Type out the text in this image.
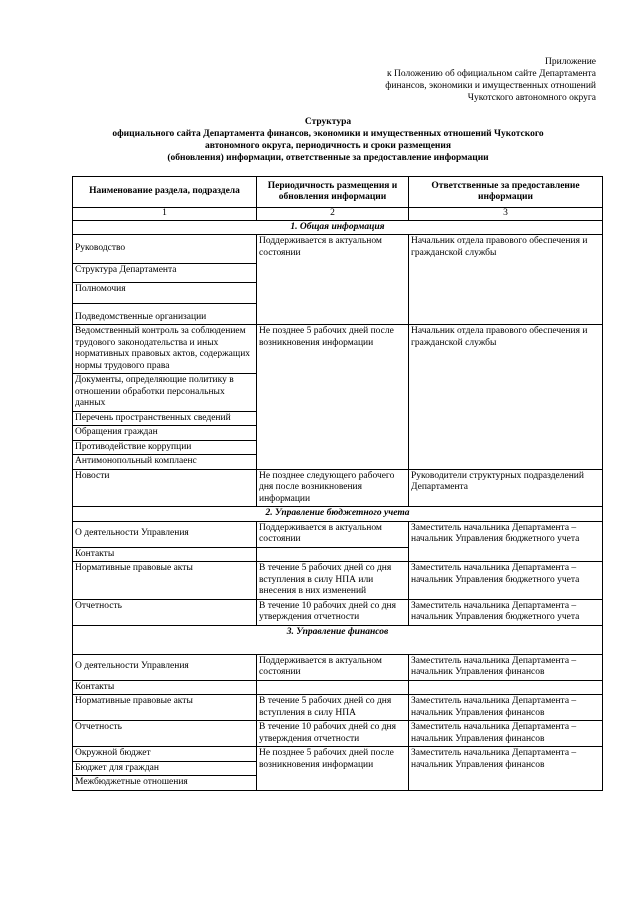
Приложение
к Положению об официальном сайте Департамента
финансов, экономики и имущественных отношений
Чукотского автономного округа
Структура
официального сайта Департамента финансов, экономики и имущественных отношений Чукотского
автономного округа, периодичность и сроки размещения
(обновления) информации, ответственные за предоставление информации
Наименование раздела, подраздела	Периодичность размещения и обновления информации	Ответственные за предоставление информации
1	2	3
1. Общая информация		
Руководство	Поддерживается в актуальном состоянии	Начальник отдела правового обеспечения и гражданской службы
Структура Департамента		
Полномочия		
Подведомственные организации		
Ведомственный контроль за соблюдением трудового законодательства и иных нормативных правовых актов, содержащих нормы трудового права	Не позднее 5 рабочих дней после возникновения информации	Начальник отдела правового обеспечения и гражданской службы
Документы, определяющие политику в отношении обработки персональных данных		
Перечень пространственных сведений		
Обращения граждан		
Противодействие коррупции		
Антимонопольный комплаенс		
Новости	Не позднее следующего рабочего дня после возникновения информации	Руководители структурных подразделений Департамента
2. Управление бюджетного учета		
О деятельности Управления	Поддерживается в актуальном состоянии	Заместитель начальника Департамента – начальник Управления бюджетного учета
Контакты		
Нормативные правовые акты	В течение 5 рабочих дней со дня вступления в силу НПА или внесения в них изменений	Заместитель начальника Департамента – начальник Управления бюджетного учета
Отчетность	В течение 10 рабочих дней со дня утверждения отчетности	Заместитель начальника Департамента – начальник Управления бюджетного учета
3. Управление финансов		
О деятельности Управления	Поддерживается в актуальном состоянии	Заместитель начальника Департамента – начальник Управления финансов
Контакты		
Нормативные правовые акты	В течение 5 рабочих дней со дня вступления в силу НПА	Заместитель начальника Департамента – начальник Управления финансов
Отчетность	В течение 10 рабочих дней со дня утверждения отчетности	Заместитель начальника Департамента – начальник Управления финансов
Окружной бюджет	Не позднее 5 рабочих дней после возникновения информации	Заместитель начальника Департамента – начальник Управления финансов
Бюджет для граждан		
Межбюджетные отношения		
